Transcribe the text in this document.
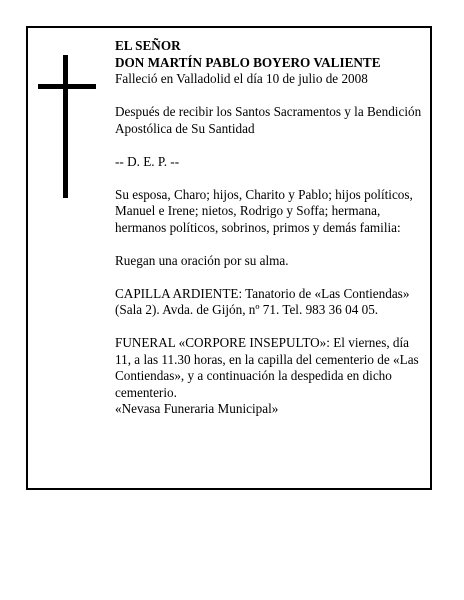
EL SEÑOR

DON MARTÍN PABLO BOYERO VALIENTE

Falleció en Valladolid el día 10 de julio de 2008

Después de recibir los Santos Sacramentos y la Bendición Apostólica de Su Santidad

-- D. E. P. --

Su esposa, Charo; hijos, Charito y Pablo; hijos políticos, Manuel e Irene; nietos, Rodrigo y Soffa; hermana, hermanos políticos, sobrinos, primos y demás familia:

Ruegan una oración por su alma.

CAPILLA ARDIENTE: Tanatorio de «Las Contiendas»

(Sala 2). Avda. de Gijón, nº 71. Tel. 983 36 04 05.

FUNERAL «CORPORE INSEPULTO»: El viernes, día 11, a las 11.30 horas, en la capilla del cementerio de «Las Contiendas», y a continuación la despedida en dicho cementerio.

«Nevasa Funeraria Municipal»
